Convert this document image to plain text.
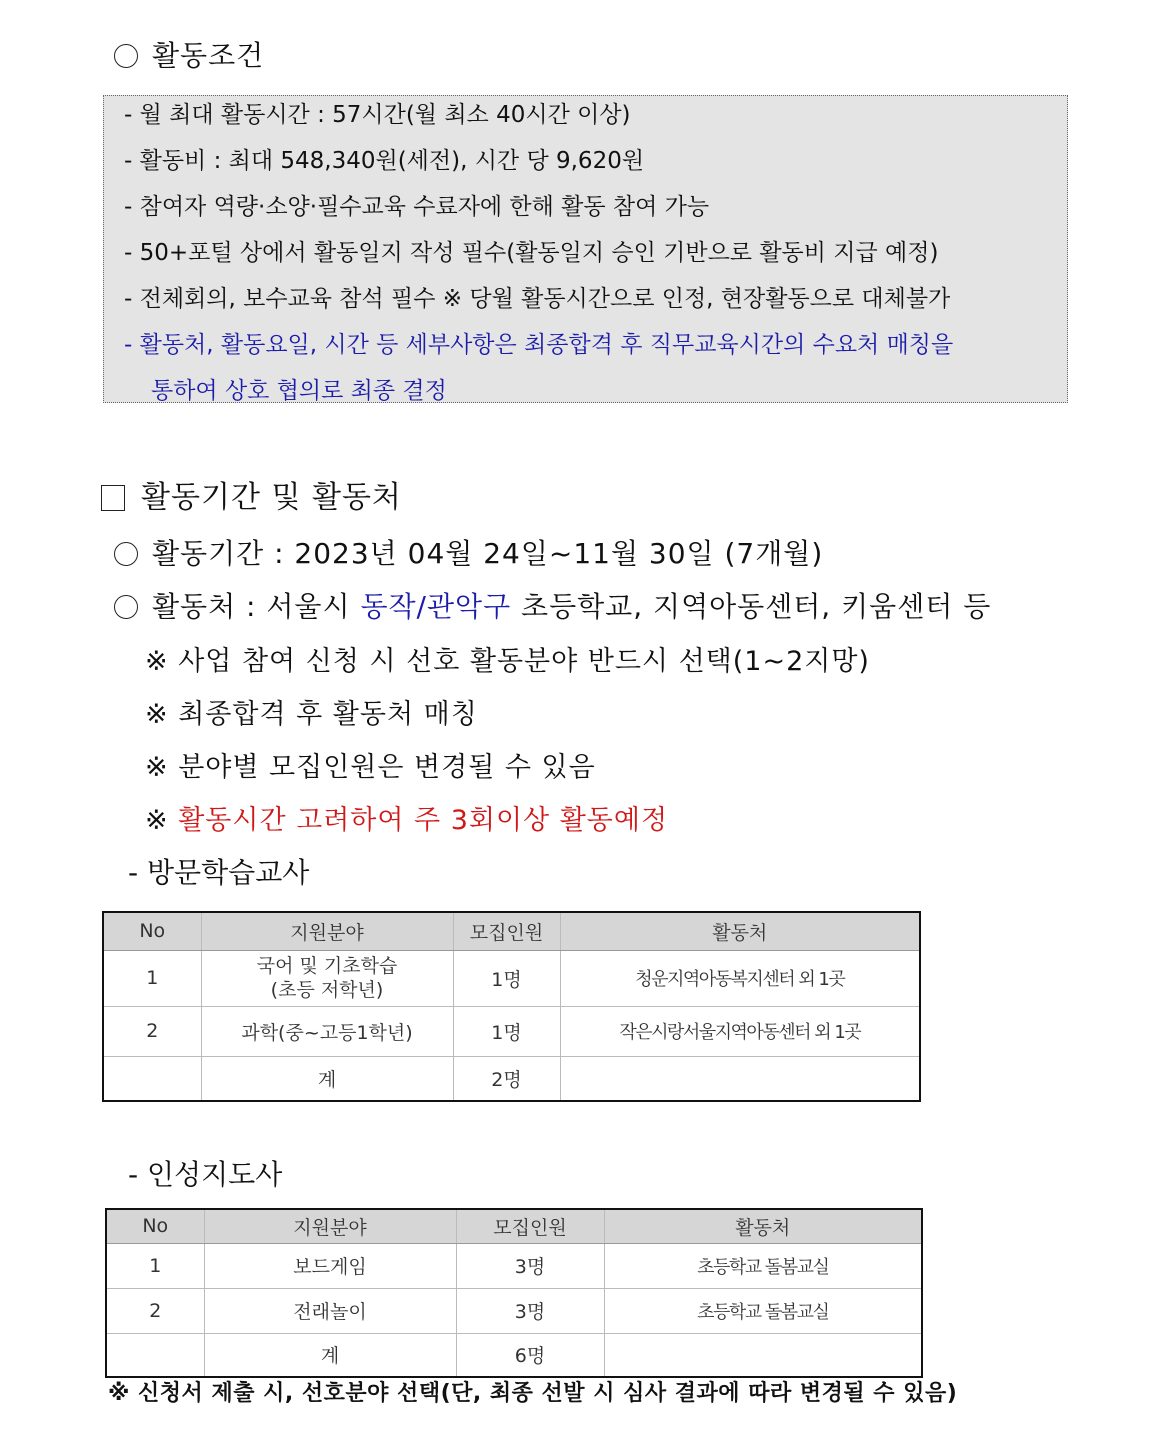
활동조건
- 월 최대 활동시간 : 57시간(월 최소 40시간 이상)
- 활동비 : 최대 548,340원(세전), 시간 당 9,620원
- 참여자 역량·소양·필수교육 수료자에 한해 활동 참여 가능
- 50+포털 상에서 활동일지 작성 필수(활동일지 승인 기반으로 활동비 지급 예정)
- 전체회의, 보수교육 참석 필수 ※ 당월 활동시간으로 인정, 현장활동으로 대체불가
- 활동처, 활동요일, 시간 등 세부사항은 최종합격 후 직무교육시간의 수요처 매칭을
통하여 상호 협의로 최종 결정
활동기간 및 활동처
활동기간 : 2023년 04월 24일~11월 30일 (7개월)
활동처 : 서울시 동작/관악구 초등학교, 지역아동센터, 키움센터 등
※ 사업 참여 신청 시 선호 활동분야 반드시 선택(1~2지망)
※ 최종합격 후 활동처 매칭
※ 분야별 모집인원은 변경될 수 있음
※ 활동시간 고려하여 주 3회이상 활동예정
- 방문학습교사
No	지원분야	모집인원	활동처
1	국어 및 기초학습
(초등 저학년)	1명	청운지역아동복지센터 외 1곳
2	과학(중~고등1학년)	1명	작은시랑서울지역아동센터 외 1곳
	계	2명	
- 인성지도사
No	지원분야	모집인원	활동처
1	보드게임	3명	초등학교 돌봄교실
2	전래놀이	3명	초등학교 돌봄교실
	계	6명	
※ 신청서 제출 시, 선호분야 선택(단, 최종 선발 시 심사 결과에 따라 변경될 수 있음)
